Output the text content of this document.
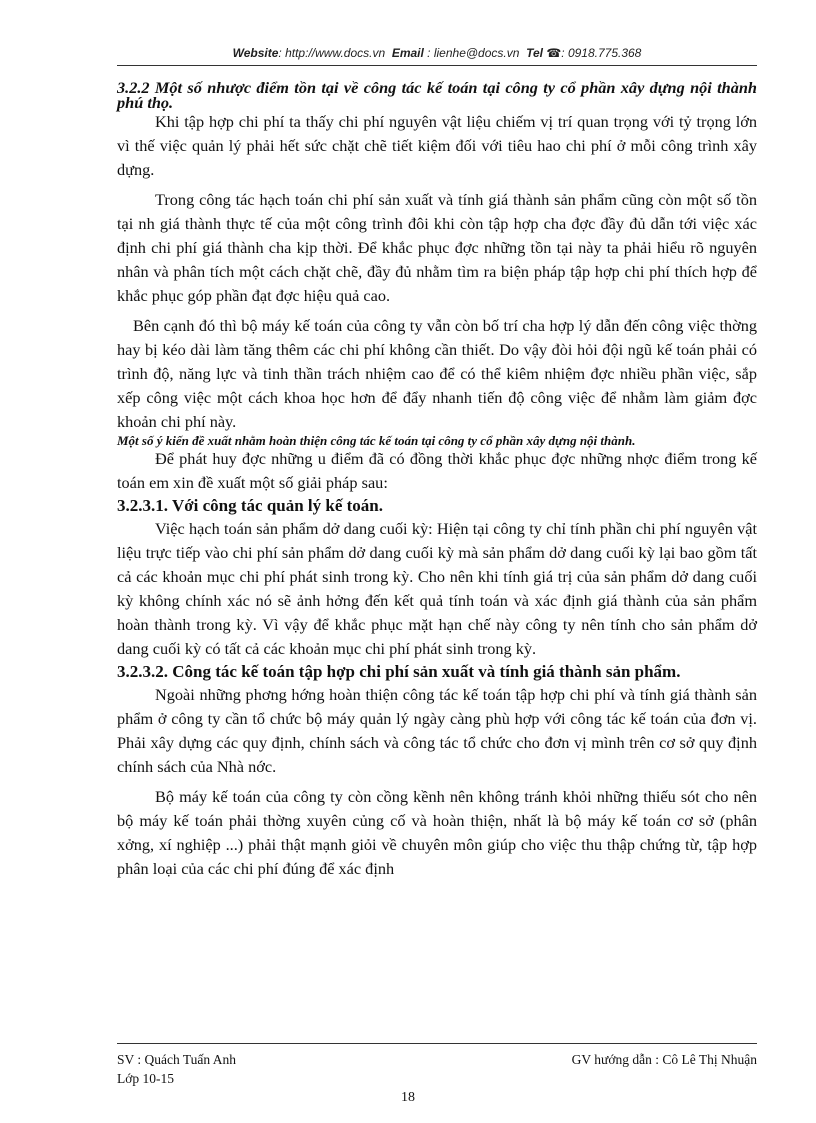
Website: http://www.docs.vn Email : lienhe@docs.vn Tel ☎: 0918.775.368

3.2.2 Một số nhược điểm tồn tại về công tác kế toán tại công ty cổ phần xây dựng nội thành phú thọ.

Khi tập hợp chi phí ta thấy chi phí nguyên vật liệu chiếm vị trí quan trọng với tỷ trọng lớn vì thế việc quản lý phải hết sức chặt chẽ tiết kiệm đối với tiêu hao chi phí ở mỗi công trình xây dựng.

Trong công tác hạch toán chi phí sản xuất và tính giá thành sản phẩm cũng còn một số tồn tại nh giá thành thực tế của một công trình đôi khi còn tập hợp cha đợc đầy đủ dẫn tới việc xác định chi phí giá thành cha kịp thời. Để khắc phục đợc những tồn tại này ta phải hiểu rõ nguyên nhân và phân tích một cách chặt chẽ, đầy đủ nhằm tìm ra biện pháp tập hợp chi phí thích hợp để khắc phục góp phần đạt đợc hiệu quả cao.

Bên cạnh đó thì bộ máy kế toán của công ty vẫn còn bố trí cha hợp lý dẫn đến công việc thờng hay bị kéo dài làm tăng thêm các chi phí không cần thiết. Do vậy đòi hỏi đội ngũ kế toán phải có trình độ, năng lực và tinh thần trách nhiệm cao để có thể kiêm nhiệm đợc nhiều phần việc, sắp xếp công việc một cách khoa học hơn để đẩy nhanh tiến độ công việc để nhằm làm giảm đợc khoản chi phí này.

Một số ý kiến đề xuất nhằm hoàn thiện công tác kế toán tại công ty cổ phần xây dựng nội thành.

Để phát huy đợc những u điểm đã có đồng thời khắc phục đợc những nhợc điểm trong kế toán em xin đề xuất một số giải pháp sau:

3.2.3.1. Với công tác quản lý kế toán.

Việc hạch toán sản phẩm dở dang cuối kỳ: Hiện tại công ty chỉ tính phần chi phí nguyên vật liệu trực tiếp vào chi phí sản phẩm dở dang cuối kỳ mà sản phẩm dở dang cuối kỳ lại bao gồm tất cả các khoản mục chi phí phát sinh trong kỳ. Cho nên khi tính giá trị của sản phẩm dở dang cuối kỳ không chính xác nó sẽ ảnh hởng đến kết quả tính toán và xác định giá thành của sản phẩm hoàn thành trong kỳ. Vì vậy để khắc phục mặt hạn chế này công ty nên tính cho sản phẩm dở dang cuối kỳ có tất cả các khoản mục chi phí phát sinh trong kỳ.

3.2.3.2. Công tác kế toán tập hợp chi phí sản xuất và tính giá thành sản phẩm.

Ngoài những phơng hớng hoàn thiện công tác kế toán tập hợp chi phí và tính giá thành sản phẩm ở công ty cần tổ chức bộ máy quản lý ngày càng phù hợp với công tác kế toán của đơn vị. Phải xây dựng các quy định, chính sách và công tác tổ chức cho đơn vị mình trên cơ sở quy định chính sách của Nhà nớc.

Bộ máy kế toán của công ty còn cồng kềnh nên không tránh khỏi những thiếu sót cho nên bộ máy kế toán phải thờng xuyên củng cố và hoàn thiện, nhất là bộ máy kế toán cơ sở (phân xởng, xí nghiệp ...) phải thật mạnh giỏi về chuyên môn giúp cho việc thu thập chứng từ, tập hợp phân loại của các chi phí đúng để xác định

SV : Quách Tuấn Anh	GV hướng dẫn : Cô Lê Thị Nhuận
Lớp 10-15
18
